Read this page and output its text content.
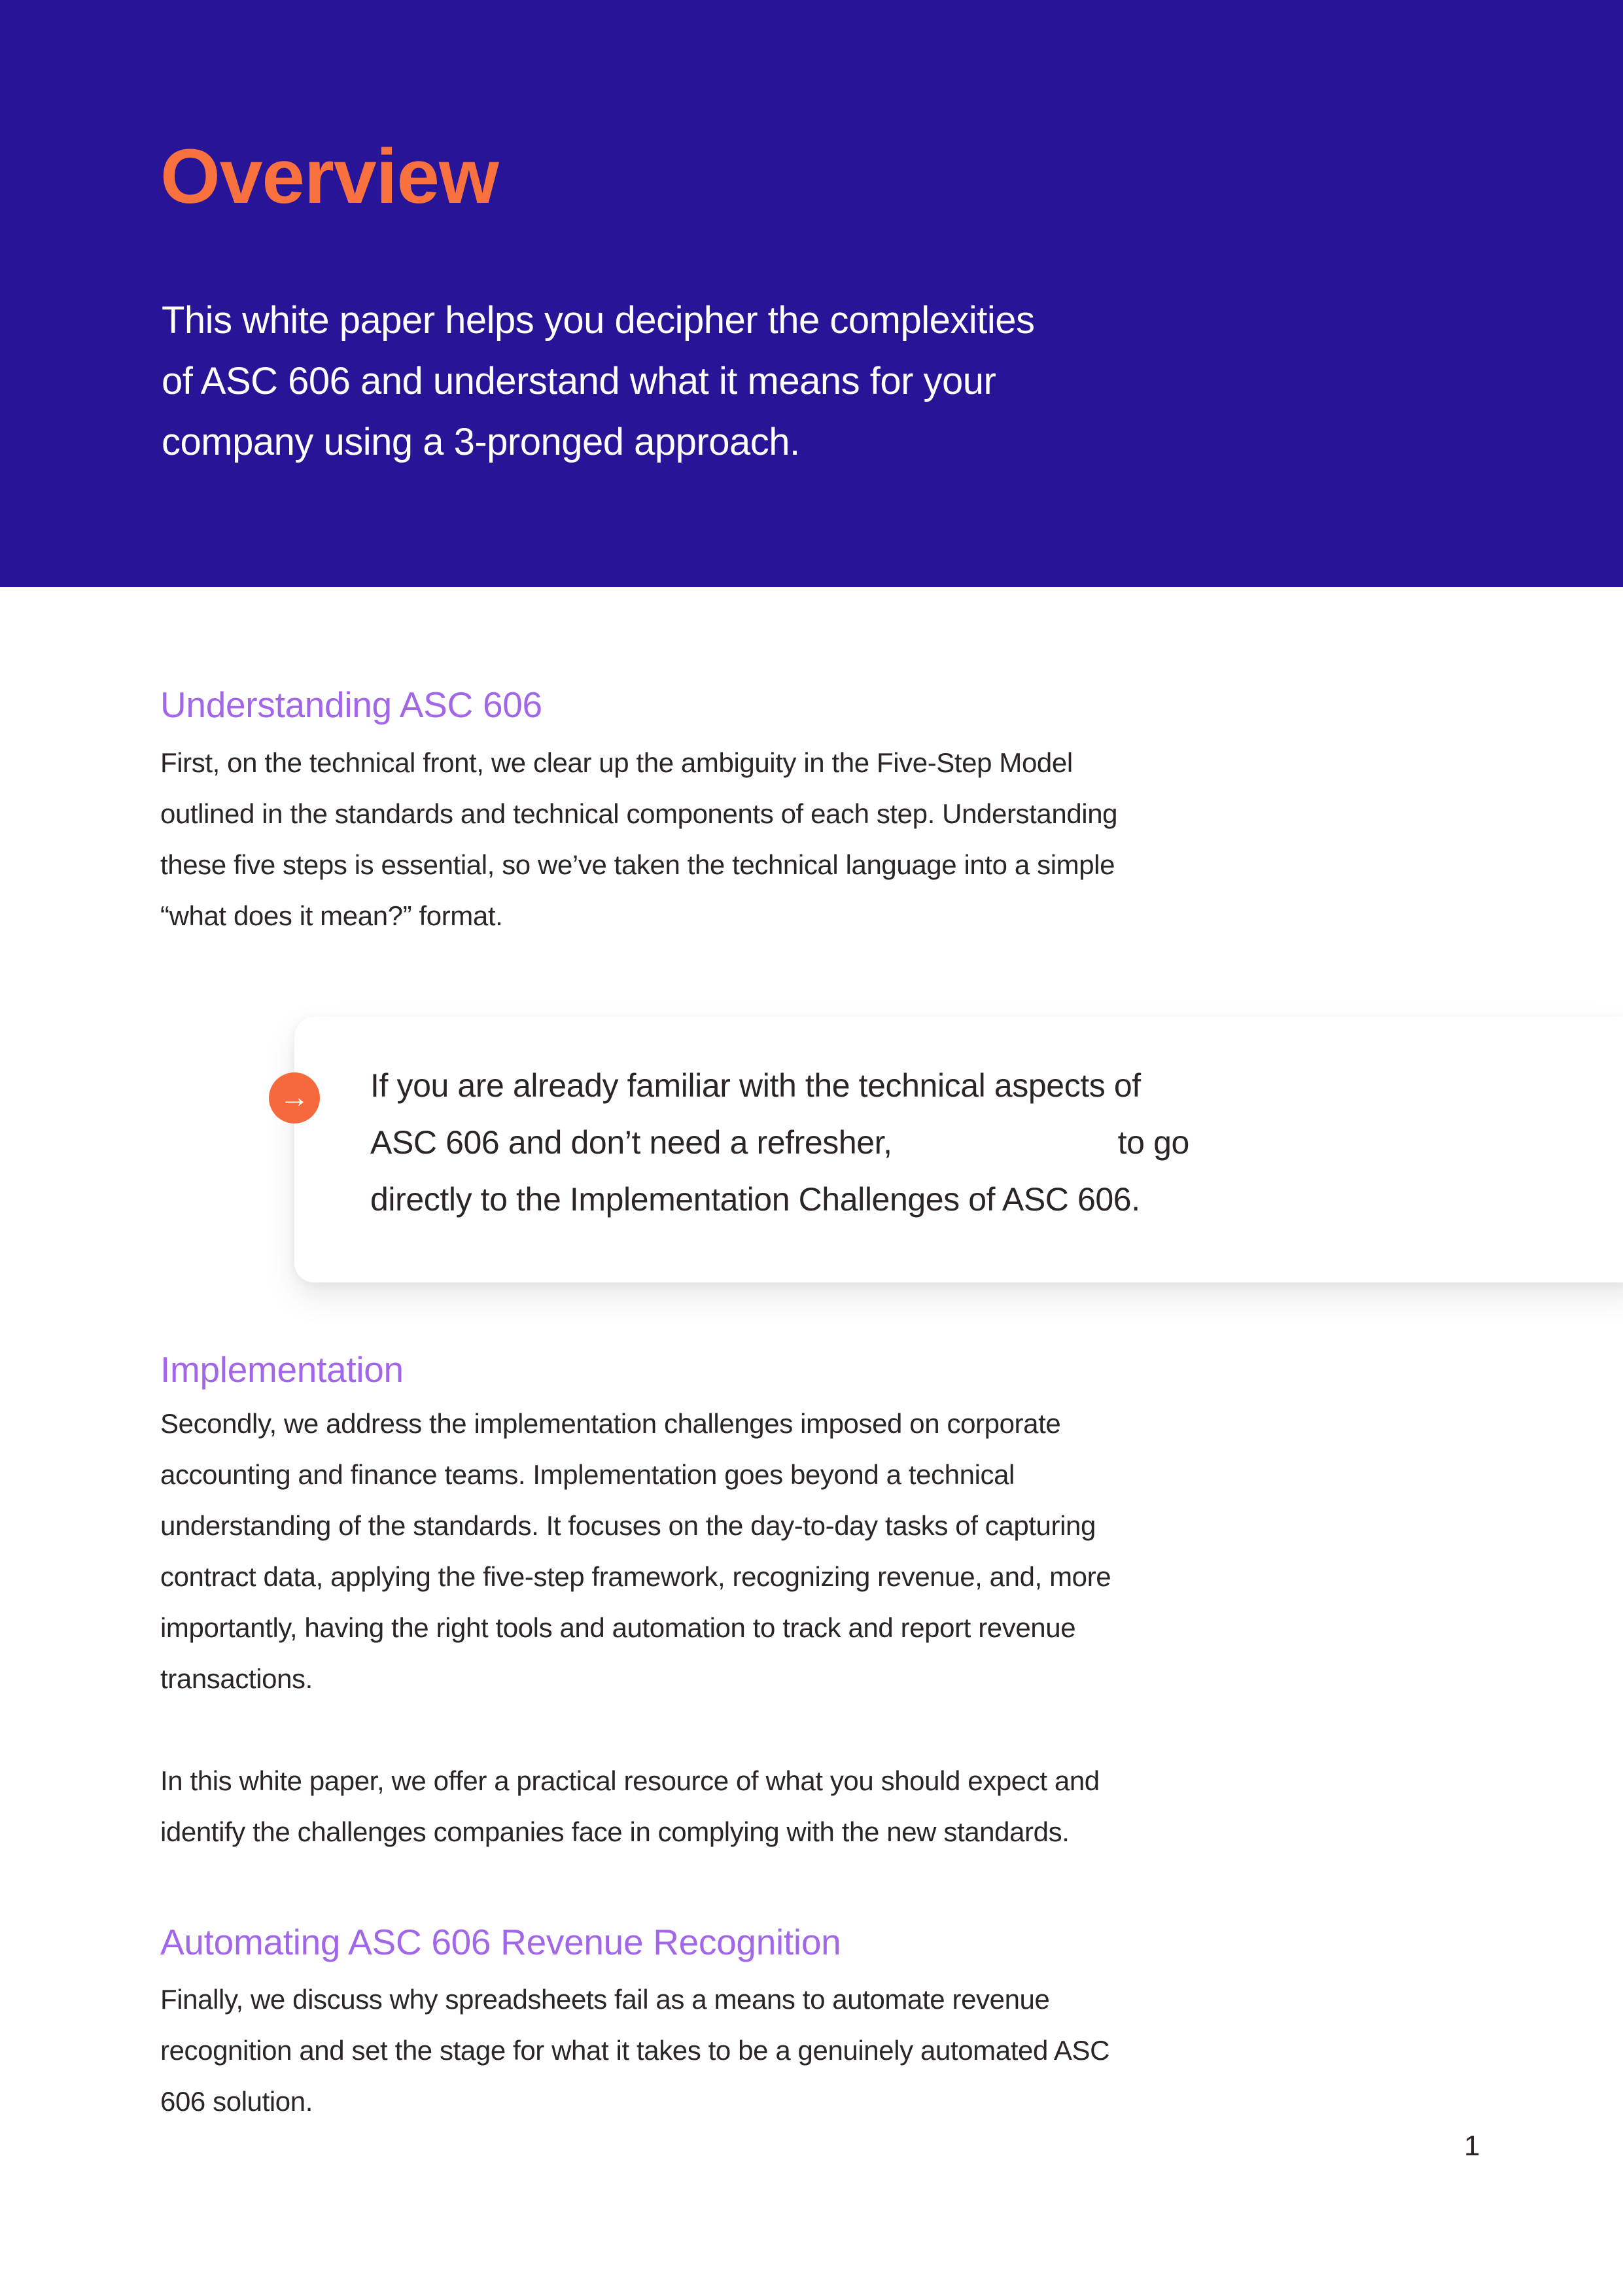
Overview
This white paper helps you decipher the complexities
of ASC 606 and understand what it means for your
company using a 3-pronged approach.
Understanding ASC 606
First, on the technical front, we clear up the ambiguity in the Five-Step Model
outlined in the standards and technical components of each step. Understanding
these five steps is essential, so we’ve taken the technical language into a simple
“what does it mean?” format.
→ If you are already familiar with the technical aspects of
ASC 606 and don’t need a refresher,	to go
directly to the Implementation Challenges of ASC 606.
Implementation
Secondly, we address the implementation challenges imposed on corporate
accounting and finance teams. Implementation goes beyond a technical
understanding of the standards. It focuses on the day-to-day tasks of capturing
contract data, applying the five-step framework, recognizing revenue, and, more
importantly, having the right tools and automation to track and report revenue
transactions.
In this white paper, we offer a practical resource of what you should expect and
identify the challenges companies face in complying with the new standards.
Automating ASC 606 Revenue Recognition
Finally, we discuss why spreadsheets fail as a means to automate revenue
recognition and set the stage for what it takes to be a genuinely automated ASC
606 solution.
1
